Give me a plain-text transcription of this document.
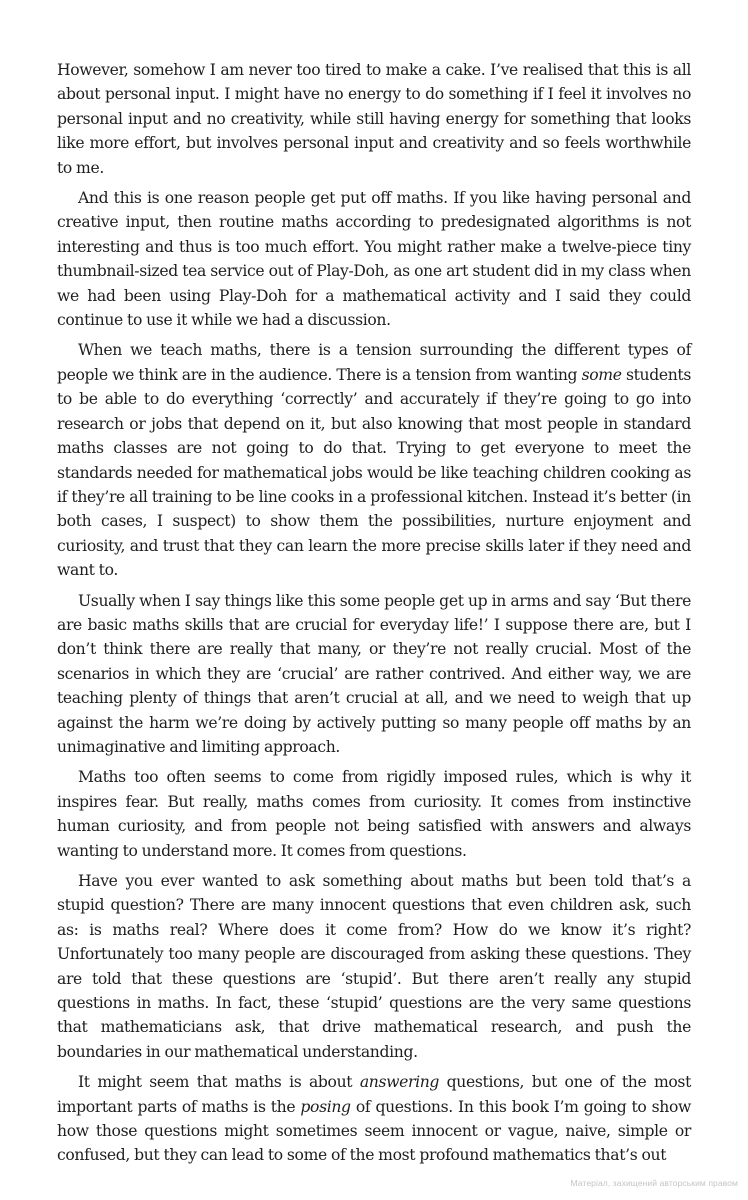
However, somehow I am never too tired to make a cake. I’ve realised that this is all about personal input. I might have no energy to do something if I feel it involves no personal input and no creativity, while still having energy for something that looks like more effort, but involves personal input and creativity and so feels worthwhile to me.

And this is one reason people get put off maths. If you like having personal and creative input, then routine maths according to predesignated algorithms is not interesting and thus is too much effort. You might rather make a twelve-piece tiny thumbnail-sized tea service out of Play-Doh, as one art student did in my class when we had been using Play-Doh for a mathematical activity and I said they could continue to use it while we had a discussion.

When we teach maths, there is a tension surrounding the different types of people we think are in the audience. There is a tension from wanting some students to be able to do everything ‘correctly’ and accurately if they’re going to go into research or jobs that depend on it, but also knowing that most people in standard maths classes are not going to do that. Trying to get everyone to meet the standards needed for mathematical jobs would be like teaching children cooking as if they’re all training to be line cooks in a professional kitchen. Instead it’s better (in both cases, I suspect) to show them the possibilities, nurture enjoyment and curiosity, and trust that they can learn the more precise skills later if they need and want to.

Usually when I say things like this some people get up in arms and say ‘But there are basic maths skills that are crucial for everyday life!’ I suppose there are, but I don’t think there are really that many, or they’re not really crucial. Most of the scenarios in which they are ‘crucial’ are rather contrived. And either way, we are teaching plenty of things that aren’t crucial at all, and we need to weigh that up against the harm we’re doing by actively putting so many people off maths by an unimaginative and limiting approach.

Maths too often seems to come from rigidly imposed rules, which is why it inspires fear. But really, maths comes from curiosity. It comes from instinctive human curiosity, and from people not being satisfied with answers and always wanting to understand more. It comes from questions.

Have you ever wanted to ask something about maths but been told that’s a stupid question? There are many innocent questions that even children ask, such as: is maths real? Where does it come from? How do we know it’s right? Unfortunately too many people are discouraged from asking these questions. They are told that these questions are ‘stupid’. But there aren’t really any stupid questions in maths. In fact, these ‘stupid’ questions are the very same questions that mathematicians ask, that drive mathematical research, and push the boundaries in our mathematical understanding.

It might seem that maths is about answering questions, but one of the most important parts of maths is the posing of questions. In this book I’m going to show how those questions might sometimes seem innocent or vague, naive, simple or confused, but they can lead to some of the most profound mathematics that’s out

Матеріал, захищений авторським правом
